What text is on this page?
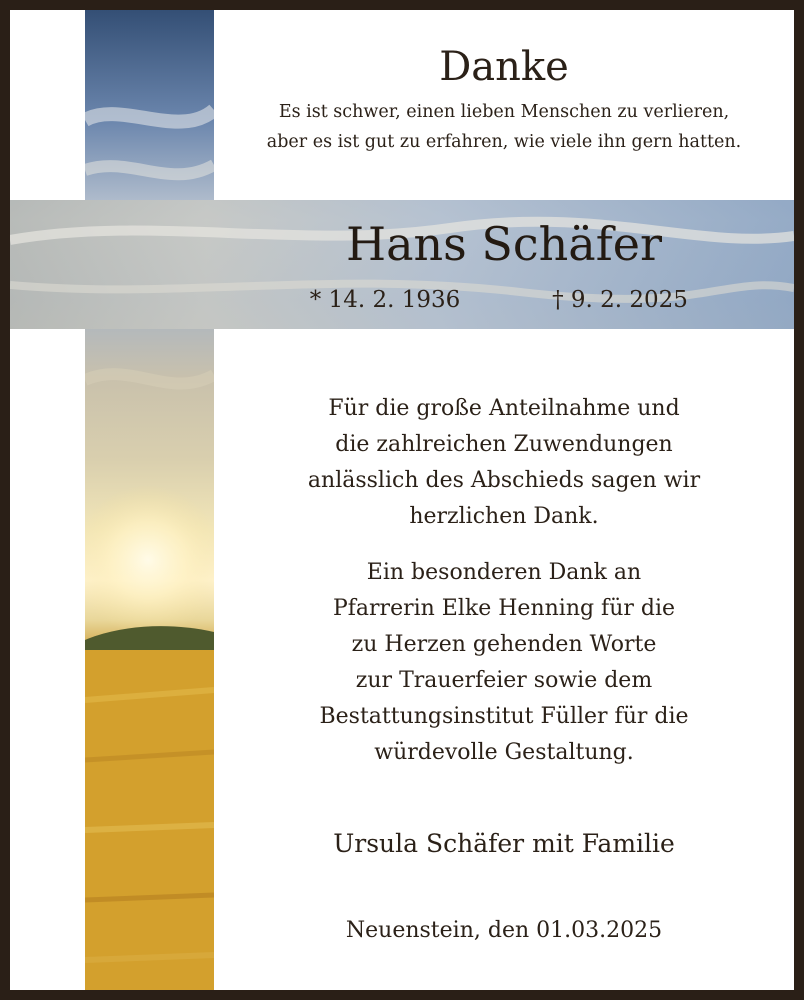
Danke
Es ist schwer, einen lieben Menschen zu verlieren,
aber es ist gut zu erfahren, wie viele ihn gern hatten.
Hans Schäfer
* 14. 2. 1936	† 9. 2. 2025
Für die große Anteilnahme und
die zahlreichen Zuwendungen
anlässlich des Abschieds sagen wir
herzlichen Dank.
Ein besonderen Dank an
Pfarrerin Elke Henning für die
zu Herzen gehenden Worte
zur Trauerfeier sowie dem
Bestattungsinstitut Füller für die
würdevolle Gestaltung.
Ursula Schäfer mit Familie
Neuenstein, den 01.03.2025
